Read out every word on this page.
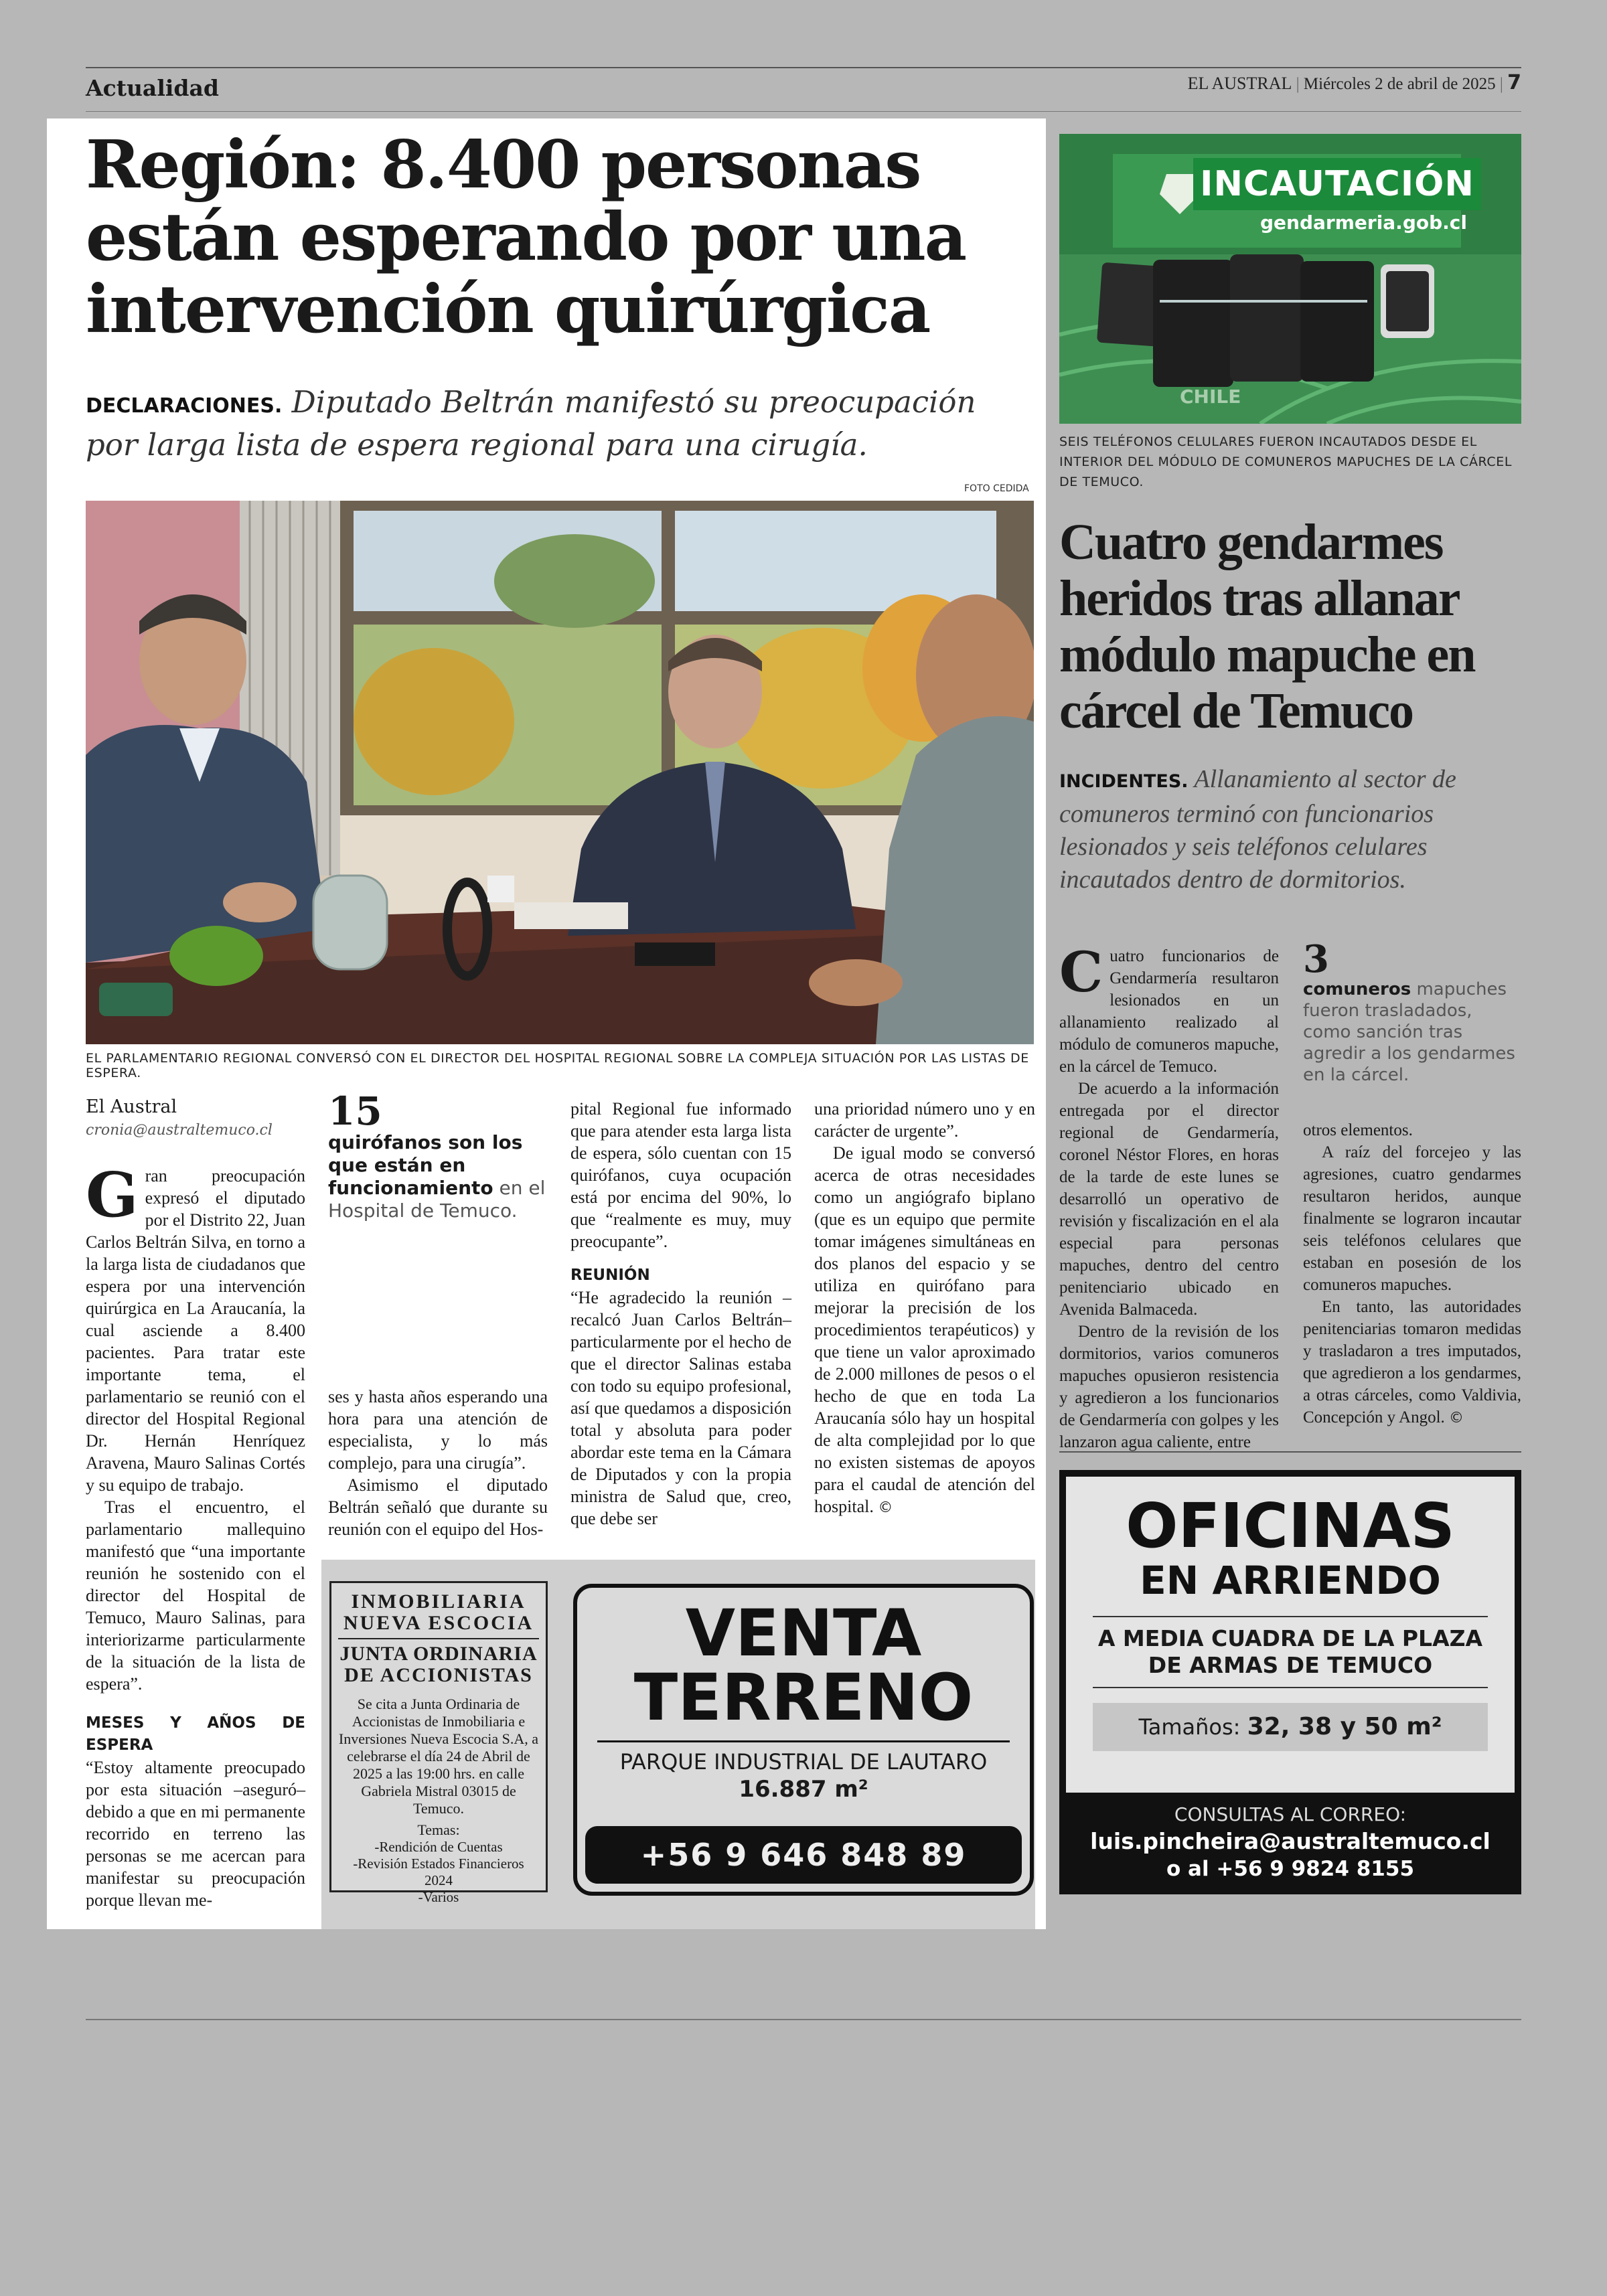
Actualidad	EL AUSTRAL | Miércoles 2 de abril de 2025 | 7
Región: 8.400 personas están esperando por una intervención quirúrgica
DECLARACIONES. Diputado Beltrán manifestó su preocupación por larga lista de espera regional para una cirugía.
FOTO CEDIDA
EL PARLAMENTARIO REGIONAL CONVERSÓ CON EL DIRECTOR DEL HOSPITAL REGIONAL SOBRE LA COMPLEJA SITUACIÓN POR LAS LISTAS DE ESPERA.
El Austral
cronia@australtemuco.cl

Gran preocupación expresó el diputado por el Distrito 22, Juan Carlos Beltrán Silva, en torno a la larga lista de ciudadanos que espera por una intervención quirúrgica en La Araucanía, la cual asciende a 8.400 pacientes. Para tratar este importante tema, el parlamentario se reunió con el director del Hospital Regional Dr. Hernán Henríquez Aravena, Mauro Salinas Cortés y su equipo de trabajo.

Tras el encuentro, el parlamentario mallequino manifestó que “una importante reunión he sostenido con el director del Hospital de Temuco, Mauro Salinas, para interiorizarme particularmente de la situación de la lista de espera”.

MESES Y AÑOS DE ESPERA

“Estoy altamente preocupado por esta situación –aseguró– debido a que en mi permanente recorrido en terreno las personas se me acercan para manifestar su preocupación porque llevan me-

15
quirófanos son los que están en funcionamiento en el Hospital de Temuco.

ses y hasta años esperando una hora para una atención de especialista, y lo más complejo, para una cirugía”.

Asimismo el diputado Beltrán señaló que durante su reunión con el equipo del Hos-

pital Regional fue informado que para atender esta larga lista de espera, sólo cuentan con 15 quirófanos, cuya ocupación está por encima del 90%, lo que “realmente es muy, muy preocupante”.

REUNIÓN

“He agradecido la reunión –recalcó Juan Carlos Beltrán– particularmente por el hecho de que el director Salinas estaba con todo su equipo profesional, así que quedamos a disposición total y absoluta para poder abordar este tema en la Cámara de Diputados y con la propia ministra de Salud que, creo, que debe ser

una prioridad número uno y en carácter de urgente”.

De igual modo se conversó acerca de otras necesidades como un angiógrafo biplano (que es un equipo que permite tomar imágenes simultáneas en dos planos del espacio y se utiliza en quirófano para mejorar la precisión de los procedimientos terapéuticos) y que tiene un valor aproximado de 2.000 millones de pesos o el hecho de que en toda La Araucanía sólo hay un hospital de alta complejidad por lo que no existen sistemas de apoyos para el caudal de atención del hospital. ©

INMOBILIARIA
NUEVA ESCOCIA
JUNTA ORDINARIA
DE ACCIONISTAS
Se cita a Junta Ordinaria de Accionistas de Inmobiliaria e Inversiones Nueva Escocia S.A, a celebrarse el día 24 de Abril de 2025 a las 19:00 hrs. en calle Gabriela Mistral 03015 de Temuco.
Temas:
-Rendición de Cuentas
-Revisión Estados Financieros 2024
-Varios
VENTA
TERRENO
PARQUE INDUSTRIAL DE LAUTARO
16.887 m²
+56 9 646 848 89
INCAUTACIÓN
gendarmeria.gob.cl
CHILE
SEIS TELÉFONOS CELULARES FUERON INCAUTADOS DESDE EL INTERIOR DEL MÓDULO DE COMUNEROS MAPUCHES DE LA CÁRCEL DE TEMUCO.
Cuatro gendarmes heridos tras allanar módulo mapuche en cárcel de Temuco
INCIDENTES. Allanamiento al sector de comuneros terminó con funcionarios lesionados y seis teléfonos celulares incautados dentro de dormitorios.

Cuatro funcionarios de Gendarmería resultaron lesionados en un allanamiento realizado al módulo de comuneros mapuche, en la cárcel de Temuco.

De acuerdo a la información entregada por el director regional de Gendarmería, coronel Néstor Flores, en horas de la tarde de este lunes se desarrolló un operativo de revisión y fiscalización en el ala especial para personas mapuches, dentro del centro penitenciario ubicado en Avenida Balmaceda.

Dentro de la revisión de los dormitorios, varios comuneros mapuches opusieron resistencia y agredieron a los funcionarios de Gendarmería con golpes y les lanzaron agua caliente, entre

3
comuneros mapuches fueron trasladados, como sanción tras agredir a los gendarmes en la cárcel.

otros elementos.

A raíz del forcejeo y las agresiones, cuatro gendarmes resultaron heridos, aunque finalmente se lograron incautar seis teléfonos celulares que estaban en posesión de los comuneros mapuches.

En tanto, las autoridades penitenciarias tomaron medidas y trasladaron a tres imputados, que agredieron a los gendarmes, a otras cárceles, como Valdivia, Concepción y Angol. ©

OFICINAS
EN ARRIENDO
A MEDIA CUADRA DE LA PLAZA
DE ARMAS DE TEMUCO
Tamaños: 32, 38 y 50 m²
CONSULTAS AL CORREO:
luis.pincheira@australtemuco.cl
o al +56 9 9824 8155
